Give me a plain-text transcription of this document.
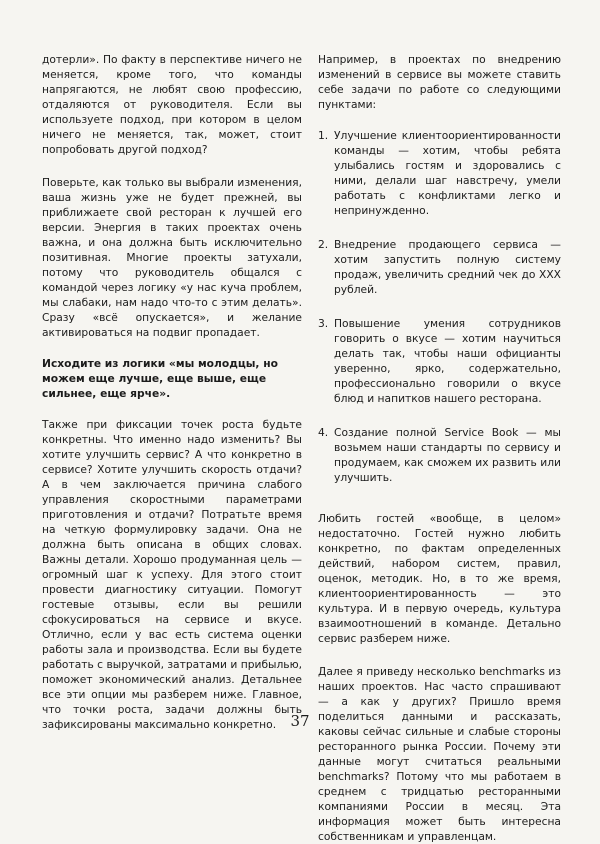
дотерли». По факту в перспективе ничего не меняется, кроме того, что команды напрягаются, не любят свою профессию, отдаляются от руководителя. Если вы используете подход, при котором в целом ничего не меняется, так, может, стоит попробовать другой подход?

Поверьте, как только вы выбрали изменения, ваша жизнь уже не будет прежней, вы приближаете свой ресторан к лучшей его версии. Энергия в таких проектах очень важна, и она должна быть исключительно позитивная. Многие проекты затухали, потому что руководитель общался с командой через логику «у нас куча проблем, мы слабаки, нам надо что-то с этим делать». Сразу «всё опускается», и желание активироваться на подвиг пропадает.

Исходите из логики «мы молодцы, но можем еще лучше, еще выше, еще сильнее, еще ярче».

Также при фиксации точек роста будьте конкретны. Что именно надо изменить? Вы хотите улучшить сервис? А что конкретно в сервисе? Хотите улучшить скорость отдачи? А в чем заключается причина слабого управления скоростными параметрами приготовления и отдачи? Потратьте время на четкую формулировку задачи. Она не должна быть описана в общих словах. Важны детали. Хорошо продуманная цель — огромный шаг к успеху. Для этого стоит провести диагностику ситуации. Помогут гостевые отзывы, если вы решили сфокусироваться на сервисе и вкусе. Отлично, если у вас есть система оценки работы зала и производства. Если вы будете работать с выручкой, затратами и прибылью, поможет экономический анализ. Детальнее все эти опции мы разберем ниже. Главное, что точки роста, задачи должны быть зафиксированы максимально конкретно.

Например, в проектах по внедрению изменений в сервисе вы можете ставить себе задачи по работе со следующими пунктами:

1. Улучшение клиентоориентированности команды — хотим, чтобы ребята улыбались гостям и здоровались с ними, делали шаг навстречу, умели работать с конфликтами легко и непринужденно.
2. Внедрение продающего сервиса — хотим запустить полную систему продаж, увеличить средний чек до XXX рублей.
3. Повышение умения сотрудников говорить о вкусе — хотим научиться делать так, чтобы наши официанты уверенно, ярко, содержательно, профессионально говорили о вкусе блюд и напитков нашего ресторана.
4. Создание полной Service Book — мы возьмем наши стандарты по сервису и продумаем, как сможем их развить или улучшить.

Любить гостей «вообще, в целом» недостаточно. Гостей нужно любить конкретно, по фактам определенных действий, набором систем, правил, оценок, методик. Но, в то же время, клиентоориентированность — это культура. И в первую очередь, культура взаимоотношений в команде. Детально сервис разберем ниже.

Далее я приведу несколько benchmarks из наших проектов. Нас часто спрашивают — а как у других? Пришло время поделиться данными и рассказать, каковы сейчас сильные и слабые стороны ресторанного рынка России. Почему эти данные могут считаться реальными benchmarks? Потому что мы работаем в среднем с тридцатью ресторанными компаниями России в месяц. Эта информация может быть интересна собственникам и управленцам.

37
